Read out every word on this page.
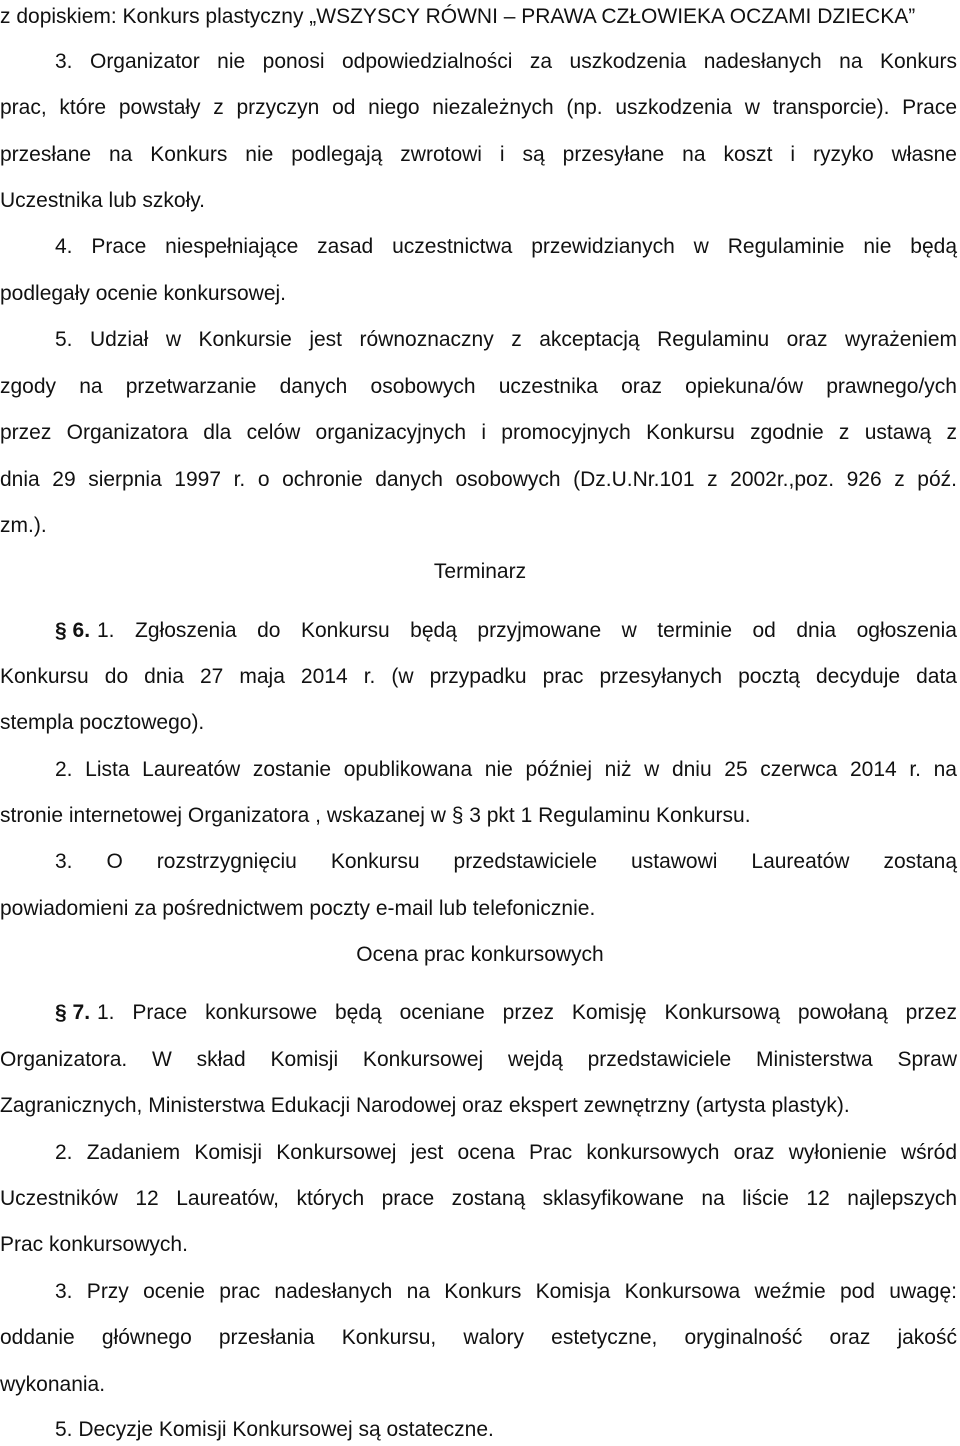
z dopiskiem: Konkurs plastyczny „WSZYSCY RÓWNI – PRAWA CZŁOWIEKA OCZAMI DZIECKA”
3. Organizator nie ponosi odpowiedzialności za uszkodzenia nadesłanych na Konkurs
prac, które powstały z przyczyn od niego niezależnych (np. uszkodzenia w transporcie). Prace
przesłane na Konkurs nie podlegają zwrotowi i są przesyłane na koszt i ryzyko własne
Uczestnika lub szkoły.
4. Prace niespełniające zasad uczestnictwa przewidzianych w Regulaminie nie będą
podlegały ocenie konkursowej.
5. Udział w Konkursie jest równoznaczny z akceptacją Regulaminu oraz wyrażeniem
zgody na przetwarzanie danych osobowych uczestnika oraz opiekuna/ów prawnego/ych
przez Organizatora dla celów organizacyjnych i promocyjnych Konkursu zgodnie z ustawą z
dnia 29 sierpnia 1997 r. o ochronie danych osobowych (Dz.U.Nr.101 z 2002r.,poz. 926 z póź.
zm.).
Terminarz
§ 6. 1. Zgłoszenia do Konkursu będą przyjmowane w terminie od dnia ogłoszenia
Konkursu do dnia 27 maja 2014 r. (w przypadku prac przesyłanych pocztą decyduje data
stempla pocztowego).
2. Lista Laureatów zostanie opublikowana nie później niż w dniu 25 czerwca 2014 r. na
stronie internetowej Organizatora , wskazanej w § 3 pkt 1 Regulaminu Konkursu.
3. O rozstrzygnięciu Konkursu przedstawiciele ustawowi Laureatów zostaną
powiadomieni za pośrednictwem poczty e-mail lub telefonicznie.
Ocena prac konkursowych
§ 7. 1. Prace konkursowe będą oceniane przez Komisję Konkursową powołaną przez
Organizatora. W skład Komisji Konkursowej wejdą przedstawiciele Ministerstwa Spraw
Zagranicznych, Ministerstwa Edukacji Narodowej oraz ekspert zewnętrzny (artysta plastyk).
2. Zadaniem Komisji Konkursowej jest ocena Prac konkursowych oraz wyłonienie wśród
Uczestników 12 Laureatów, których prace zostaną sklasyfikowane na liście 12 najlepszych
Prac konkursowych.
3. Przy ocenie prac nadesłanych na Konkurs Komisja Konkursowa weźmie pod uwagę:
oddanie głównego przesłania Konkursu, walory estetyczne, oryginalność oraz jakość
wykonania.
5. Decyzje Komisji Konkursowej są ostateczne.
